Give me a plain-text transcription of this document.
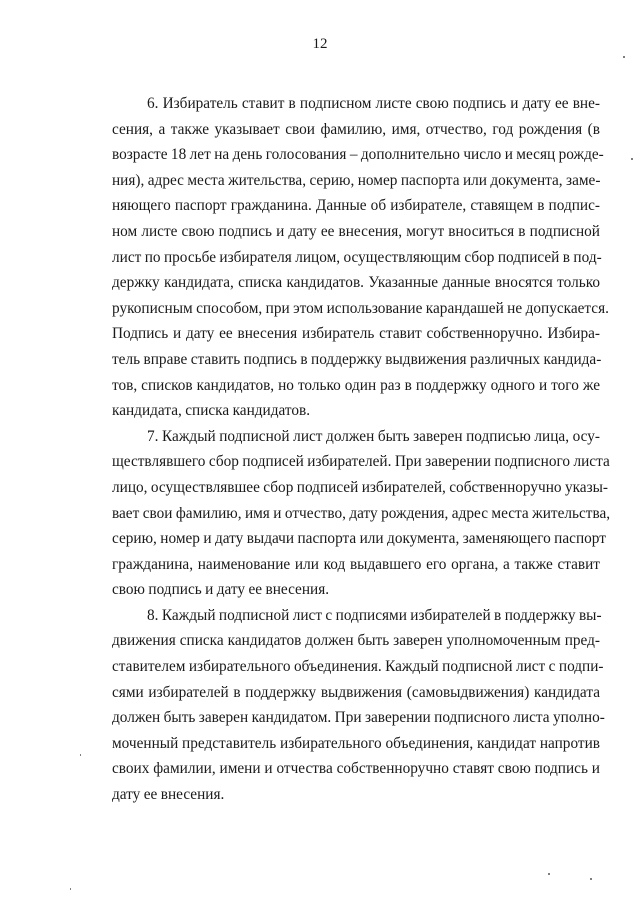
12
6. Избиратель ставит в подписном листе свою подпись и дату ее вне-
сения, а также указывает свои фамилию, имя, отчество, год рождения (в
возрасте 18 лет на день голосования – дополнительно число и месяц рожде-
ния), адрес места жительства, серию, номер паспорта или документа, заме-
няющего паспорт гражданина. Данные об избирателе, ставящем в подпис-
ном листе свою подпись и дату ее внесения, могут вноситься в подписной
лист по просьбе избирателя лицом, осуществляющим сбор подписей в под-
держку кандидата, списка кандидатов. Указанные данные вносятся только
рукописным способом, при этом использование карандашей не допускается.
Подпись и дату ее внесения избиратель ставит собственноручно. Избира-
тель вправе ставить подпись в поддержку выдвижения различных кандида-
тов, списков кандидатов, но только один раз в поддержку одного и того же
кандидата, списка кандидатов.
7. Каждый подписной лист должен быть заверен подписью лица, осу-
ществлявшего сбор подписей избирателей. При заверении подписного листа
лицо, осуществлявшее сбор подписей избирателей, собственноручно указы-
вает свои фамилию, имя и отчество, дату рождения, адрес места жительства,
серию, номер и дату выдачи паспорта или документа, заменяющего паспорт
гражданина, наименование или код выдавшего его органа, а также ставит
свою подпись и дату ее внесения.
8. Каждый подписной лист с подписями избирателей в поддержку вы-
движения списка кандидатов должен быть заверен уполномоченным пред-
ставителем избирательного объединения. Каждый подписной лист с подпи-
сями избирателей в поддержку выдвижения (самовыдвижения) кандидата
должен быть заверен кандидатом. При заверении подписного листа уполно-
моченный представитель избирательного объединения, кандидат напротив
своих фамилии, имени и отчества собственноручно ставят свою подпись и
дату ее внесения.
